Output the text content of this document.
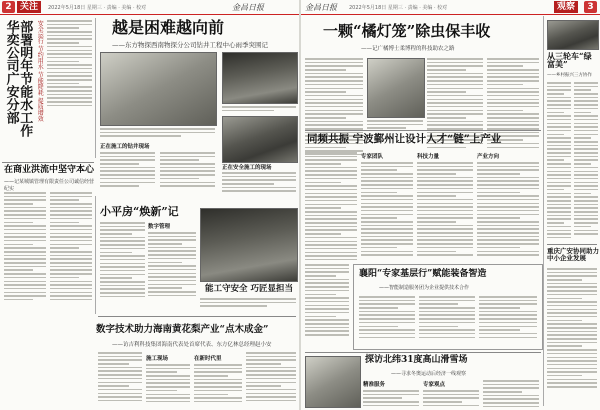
2 关注	2022年5月18日 星期三 · 责编 · 美编 · 校对	金昌日报
部署明年节能水工作 华奕公司广安分部	安全运行 节约用水 节能降耗 提质增效	越是困难越向前
——东方物探西南物探分公司钻井工程中心雨季突围记
正在施工的钻井现场
正在安全施工的现场
在商业洪流中坚守本心
——记某城镇管理有限责任公司诚信经营纪实
小平房“焕新”记
数字管理
能工守安全 巧匠显担当
数字技术助力海南黄花梨产业“点木成金”
——访吉利科技集团海南代表处首席代表、东方亿林总经理赵小安
施工现场	在新时代里
金昌日报 2022年5月18日 星期三 · 责编 · 美编 · 校对	观察	3
一颗“橘灯笼”除虫保丰收
——记广橘博士柔博程的科技助农之路
从三轮车“绿富美”
——乡村振兴三方协作
重庆广安协同助力中小企业发展
同频共振 宁波鄞州让设计人才“链”上产业
专家团队	科技力量	产业方向
襄阳“专家基层行”赋能装备智造
——智能制造服务团为企业提供技术合作
探访北纬31度高山滑雪场
——寻求冬奥运动后经济一线观察
精准服务	专家观点
